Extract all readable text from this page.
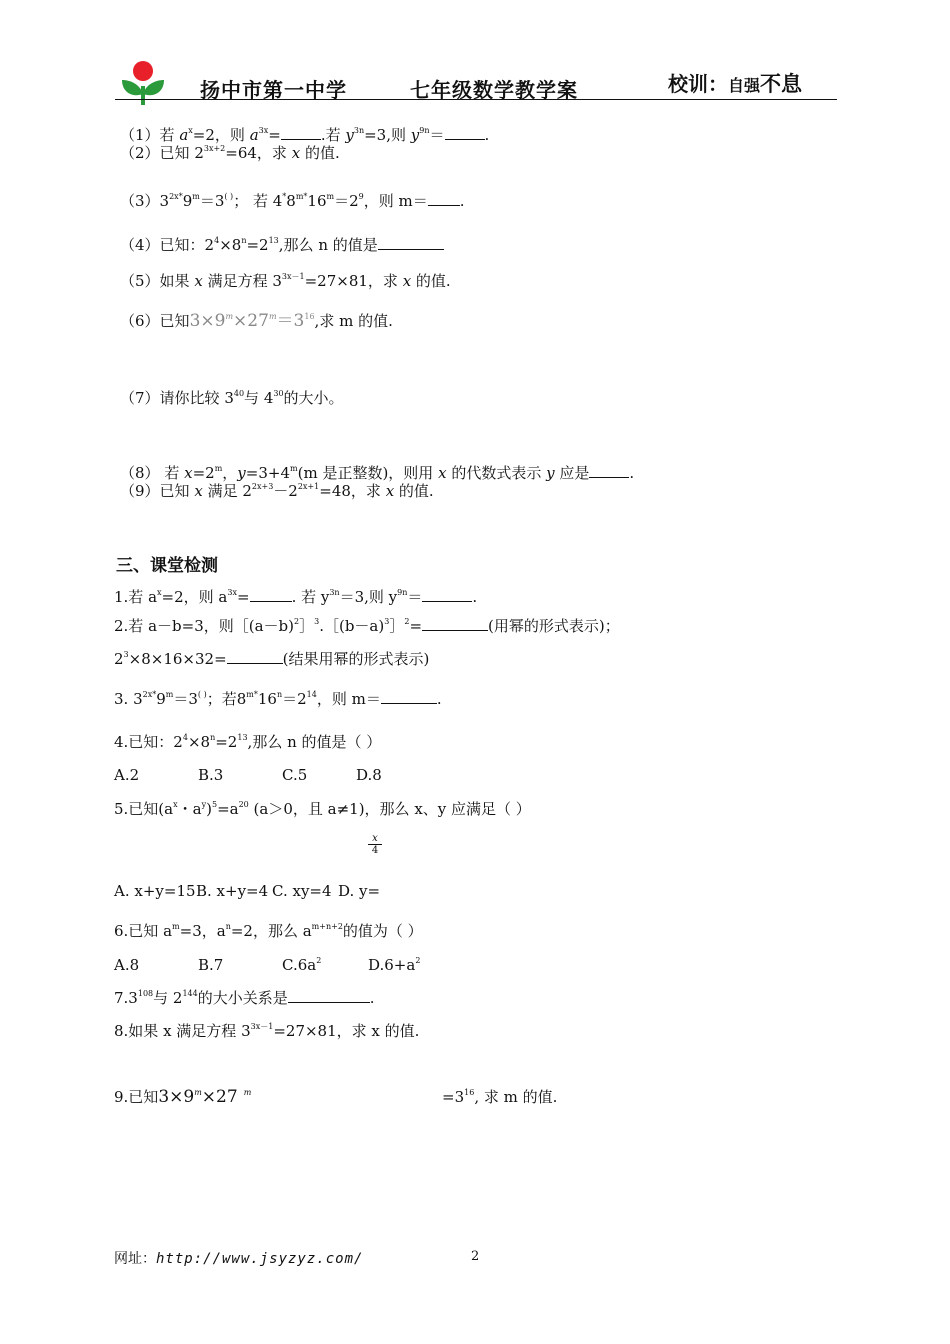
扬中市第一中学	七年级数学教学案	校训：自强不息
（1）若 $a^x=2$，则 $a^{3x}=$	.若 $y^{3n}=3$,则 $y^{9n}=$	.
（2）已知 $2^{3x+2}=64$，求 x 的值.
$(3)3^{2x*}9^m=3^{( )}$； 若 $4^*8^{m*}16^m=2^9$，则 m＝ .
（4）已知：$2^4\times 8^n=2^{13}$,那么 n 的值是
（5）如果 x 满足方程 $3^{3x-1}=27\times 81$，求 x 的值.
（6）已知$3\times 9^m\times 27^m=3^{16}$,求 m 的值.
（7）请你比较 $3^{40}$与 $4^{30}$的大小。
（8） 若 $x=2^m$，$y=3+4^m(m$ 是正整数)，则用 x 的代数式表示 y 应是	.
（9）已知 x 满足 $2^{2x+3}-2^{2x+1}=48$，求 x 的值.
三、课堂检测
1.若 $a^x=2$，则 $a^{3x}=$	. 若 $y^{3n}=3$,则 $y^{9n}=$	.
2.若 a－b=3，则$[(a-b)^2]^3.[(b-a)^3]^2=$	(用幂的形式表示)；
$2^3\times 8\times 16\times 32=$	(结果用幂的形式表示)
3. $3^{2x*}9^m=3^{( )}$；若$8^{m*}16^n=2^{14}$，则 m＝	.
4.已知：$2^4\times 8^n=2^{13}$,那么 n 的值是（ ）
A.2	B.3	C.5	D.8
5.已知($a^x$・$a^y)^5=a^{20}$ (a＞0，且 a≠1)，那么 x、y 应满足（ ）
x
4
A. x+y=15 B. x+y=4 C. xy=4 D. y=
6.已知 $a^m=3$，$a^n=2$，那么 $a^{m+n+2}$的值为（ ）
A.8	B.7	$C.6a^2$	$D.6+a^2$
$7.3^{108}$与 $2^{144}$的大小关系是	.
8.如果 x 满足方程 $3^{3x-1}=27\times 81$，求 x 的值.
9.已知$3\times 9^m\times 27$ $^m$	$=3^{16}$, 求 m 的值.
网址：http://www.jsyzyz.com/	2
